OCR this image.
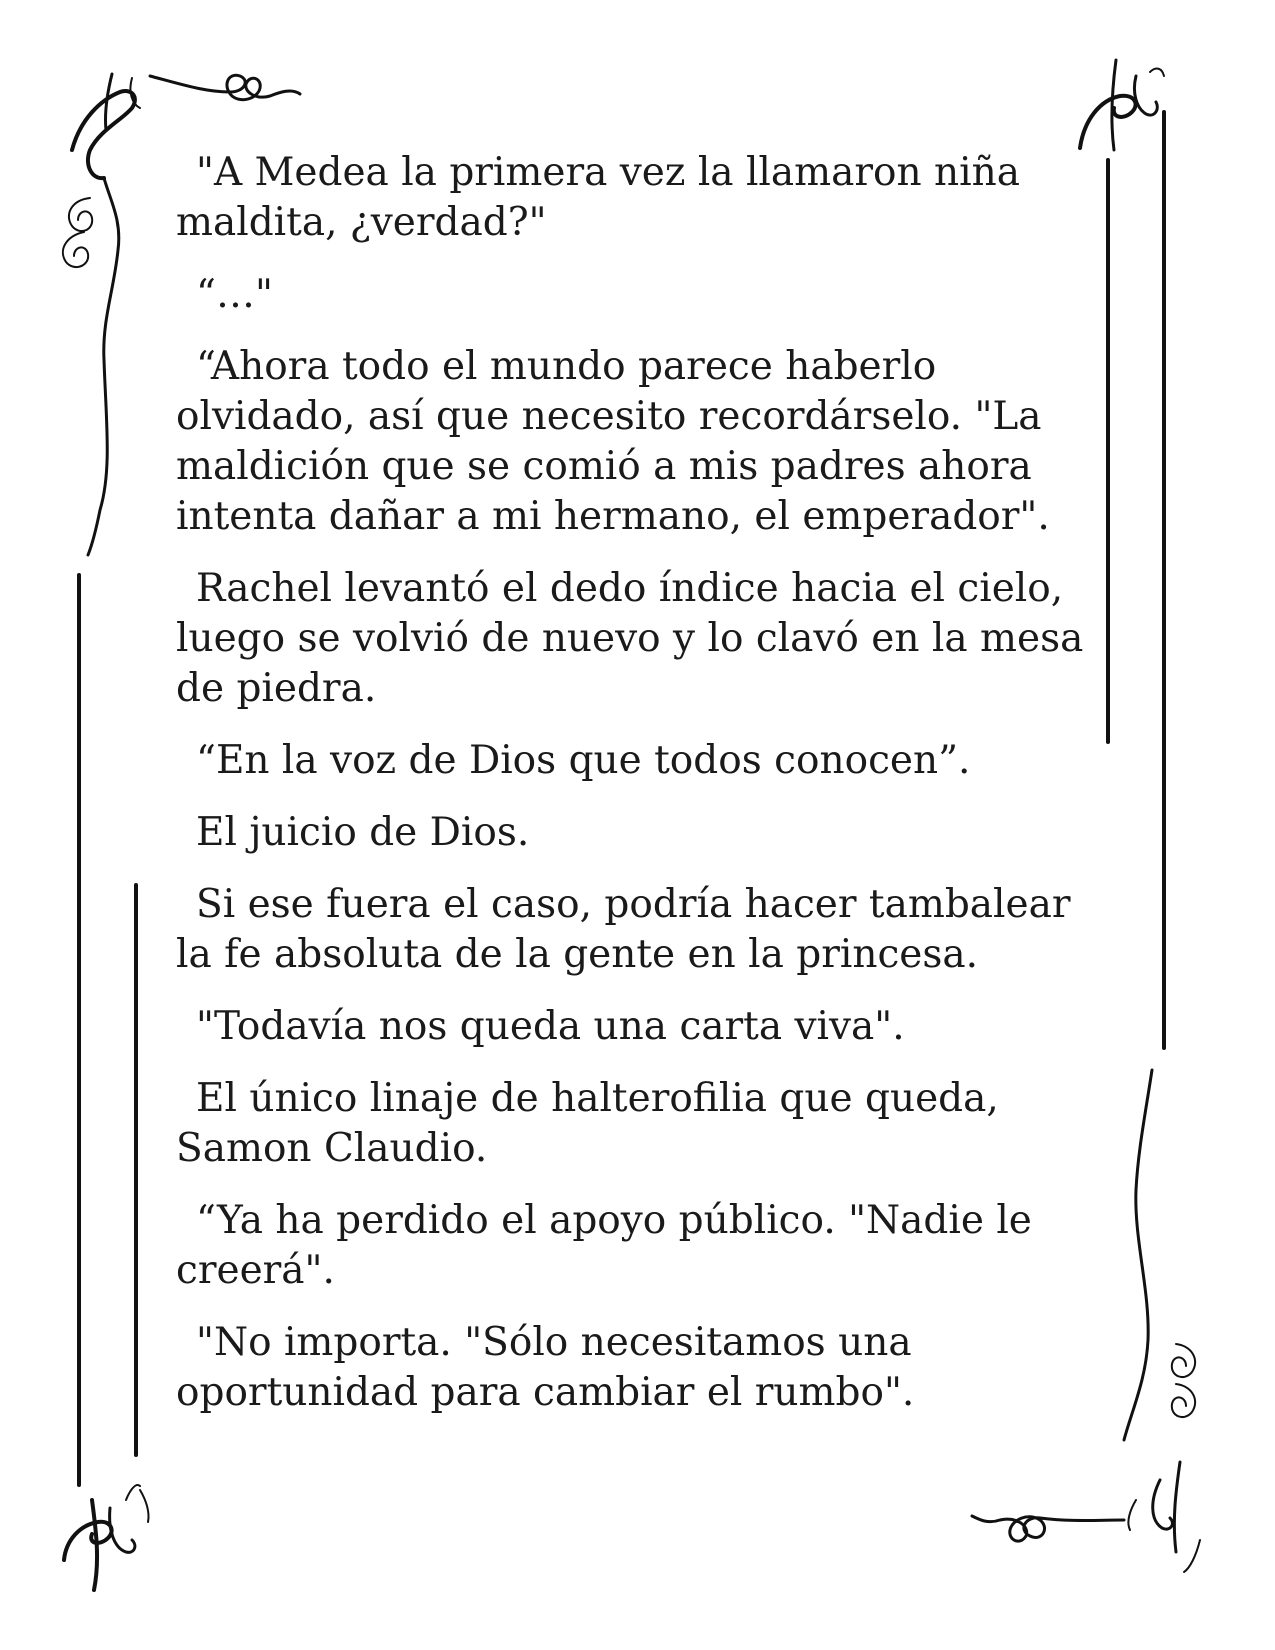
"A Medea la primera vez la llamaron niña maldita, ¿verdad?"

“…"

“Ahora todo el mundo parece haberlo olvidado, así que necesito recordárselo. "La maldición que se comió a mis padres ahora intenta dañar a mi hermano, el emperador".

Rachel levantó el dedo índice hacia el cielo, luego se volvió de nuevo y lo clavó en la mesa de piedra.

“En la voz de Dios que todos conocen”.

El juicio de Dios.

Si ese fuera el caso, podría hacer tambalear la fe absoluta de la gente en la princesa.

"Todavía nos queda una carta viva".

El único linaje de halterofilia que queda, Samon Claudio.

“Ya ha perdido el apoyo público. "Nadie le creerá".

"No importa. "Sólo necesitamos una oportunidad para cambiar el rumbo".
